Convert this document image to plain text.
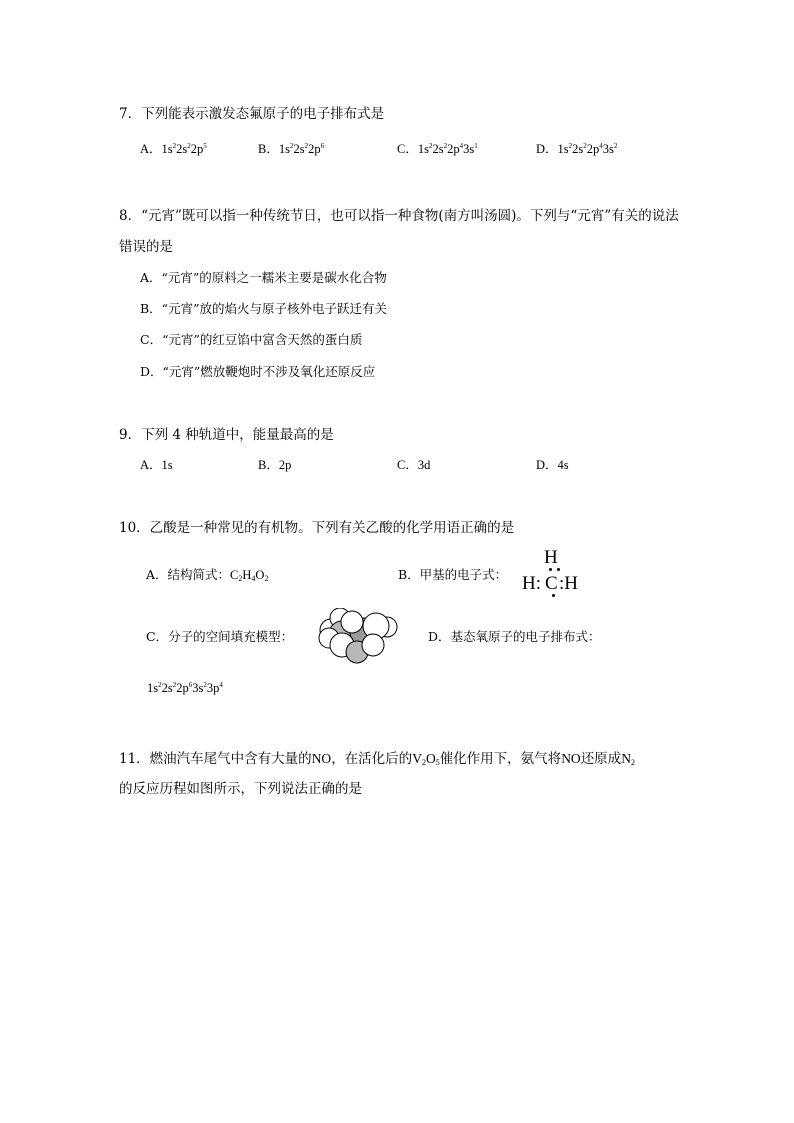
7．下列能表示激发态氟原子的电子排布式是
A．$1s^22s^22p^5$	B．$1s^22s^22p^6$	C．$1s^22s^22p^43s^1$	D．$1s^22s^22p^43s^2$
8．“元宵”既可以指一种传统节日，也可以指一种食物(南方叫汤圆)。下列与“元宵”有关的说法
错误的是
A．“元宵”的原料之一糯米主要是碳水化合物
B．“元宵”放的焰火与原子核外电子跃迁有关
C．“元宵”的红豆馅中富含天然的蛋白质
D．“元宵”燃放鞭炮时不涉及氧化还原反应
9．下列 4 种轨道中，能量最高的是
A．1s	B．2p	C．3d	D．4s
10．乙酸是一种常见的有机物。下列有关乙酸的化学用语正确的是
A．结构简式：$C_2H_4O_2$	B．甲基的电子式：
H
H: C :H
C．分子的空间填充模型：	D．基态氧原子的电子排布式：
$1s^22s^22p^63s^23p^4$
11．燃油汽车尾气中含有大量的NO，在活化后的$V_2O_5$催化作用下，氨气将NO还原成$N_2$
的反应历程如图所示，下列说法正确的是
